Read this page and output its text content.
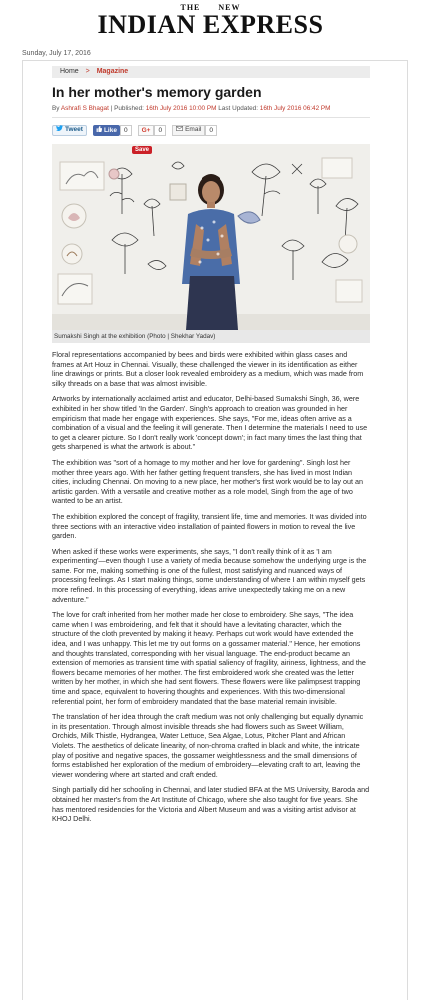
THE NEW
INDIAN EXPRESS
Sunday, July 17, 2016
Home > Magazine
In her mother's memory garden
By Ashrafi S Bhagat | Published: 16th July 2016 10:00 PM Last Updated: 16th July 2016 06:42 PM
Tweet	Like	0	G+	0	Email	0
Save
Sumakshi Singh at the exhibition (Photo | Shekhar Yadav)

Floral representations accompanied by bees and birds were exhibited within glass cases and frames at Art Houz in Chennai. Visually, these challenged the viewer in its identification as either line drawings or prints. But a closer look revealed embroidery as a medium, which was made from silky threads on a base that was almost invisible.

Artworks by internationally acclaimed artist and educator, Delhi-based Sumakshi Singh, 36, were exhibited in her show titled 'In the Garden'. Singh's approach to creation was grounded in her empiricism that made her engage with experiences. She says, "For me, ideas often arrive as a combination of a visual and the feeling it will generate. Then I determine the materials I need to use to get a clearer picture. So I don't really work 'concept down'; in fact many times the last thing that gets sharpened is what the artwork is about."

The exhibition was "sort of a homage to my mother and her love for gardening". Singh lost her mother three years ago. With her father getting frequent transfers, she has lived in most Indian cities, including Chennai. On moving to a new place, her mother's first work would be to lay out an artistic garden. With a versatile and creative mother as a role model, Singh from the age of two wanted to be an artist.

The exhibition explored the concept of fragility, transient life, time and memories. It was divided into three sections with an interactive video installation of painted flowers in motion to reveal the live garden.

When asked if these works were experiments, she says, "I don't really think of it as 'I am experimenting'—even though I use a variety of media because somehow the underlying urge is the same. For me, making something is one of the fullest, most satisfying and nuanced ways of processing feelings. As I start making things, some understanding of where I am within myself gets more refined. In this processing of everything, ideas arrive unexpectedly taking me on a new adventure."

The love for craft inherited from her mother made her close to embroidery. She says, "The idea came when I was embroidering, and felt that it should have a levitating character, which the structure of the cloth prevented by making it heavy. Perhaps cut work would have extended the idea, and I was unhappy. This let me try out forms on a gossamer material." Hence, her emotions and thoughts translated, corresponding with her visual language. The end-product became an extension of memories as transient time with spatial saliency of fragility, airiness, lightness, and the flowers became memories of her mother. The first embroidered work she created was the letter written by her mother, in which she had sent flowers. These flowers were like palimpsest trapping time and space, equivalent to hovering thoughts and experiences. With this two-dimensional referential point, her form of embroidery mandated that the base material remain invisible.

The translation of her idea through the craft medium was not only challenging but equally dynamic in its presentation. Through almost invisible threads she had flowers such as Sweet William, Orchids, Milk Thistle, Hydrangea, Water Lettuce, Sea Algae, Lotus, Pitcher Plant and African Violets. The aesthetics of delicate linearity, of non-chroma crafted in black and white, the intricate play of positive and negative spaces, the gossamer weightlessness and the small dimensions of forms established her exploration of the medium of embroidery—elevating craft to art, leaving the viewer wondering where art started and craft ended.

Singh partially did her schooling in Chennai, and later studied BFA at the MS University, Baroda and obtained her master's from the Art Institute of Chicago, where she also taught for five years. She has mentored residencies for the Victoria and Albert Museum and was a visiting artist advisor at KHOJ Delhi.
